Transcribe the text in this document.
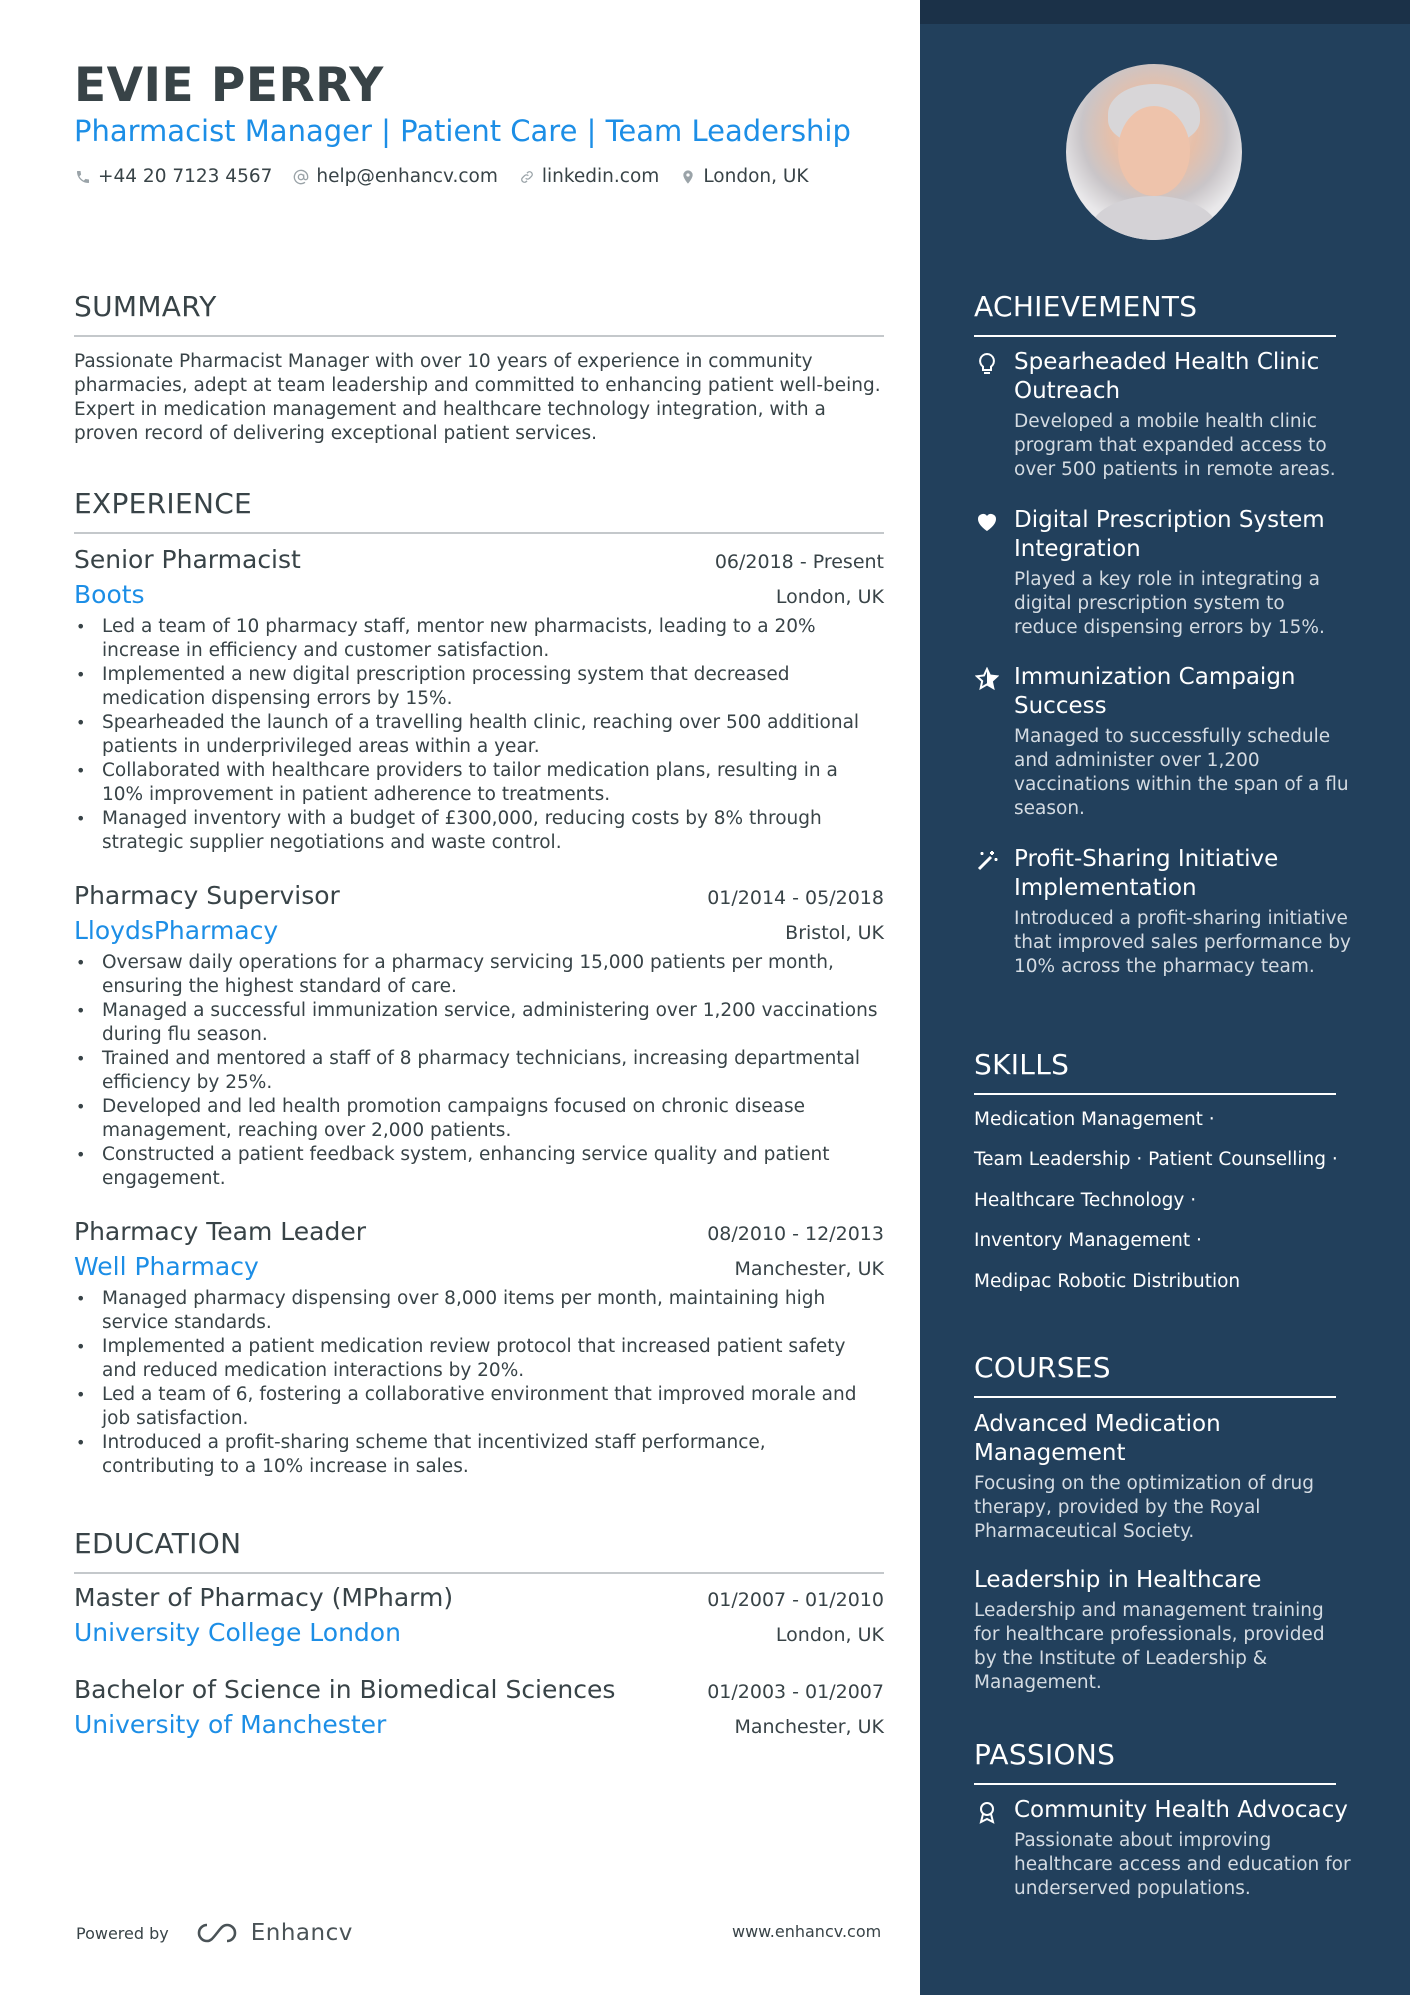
EVIE PERRY
Pharmacist Manager | Patient Care | Team Leadership
+44 20 7123 4567 help@enhancv.com linkedin.com London, UK
SUMMARY
Passionate Pharmacist Manager with over 10 years of experience in community pharmacies, adept at team leadership and committed to enhancing patient well-being. Expert in medication management and healthcare technology integration, with a proven record of delivering exceptional patient services.
EXPERIENCE
Senior Pharmacist	06/2018 - Present
Boots	London, UK
• Led a team of 10 pharmacy staff, mentor new pharmacists, leading to a 20% increase in efficiency and customer satisfaction.
• Implemented a new digital prescription processing system that decreased medication dispensing errors by 15%.
• Spearheaded the launch of a travelling health clinic, reaching over 500 additional patients in underprivileged areas within a year.
• Collaborated with healthcare providers to tailor medication plans, resulting in a 10% improvement in patient adherence to treatments.
• Managed inventory with a budget of £300,000, reducing costs by 8% through strategic supplier negotiations and waste control.
Pharmacy Supervisor	01/2014 - 05/2018
LloydsPharmacy	Bristol, UK
• Oversaw daily operations for a pharmacy servicing 15,000 patients per month, ensuring the highest standard of care.
• Managed a successful immunization service, administering over 1,200 vaccinations during flu season.
• Trained and mentored a staff of 8 pharmacy technicians, increasing departmental efficiency by 25%.
• Developed and led health promotion campaigns focused on chronic disease management, reaching over 2,000 patients.
• Constructed a patient feedback system, enhancing service quality and patient engagement.
Pharmacy Team Leader	08/2010 - 12/2013
Well Pharmacy	Manchester, UK
• Managed pharmacy dispensing over 8,000 items per month, maintaining high service standards.
• Implemented a patient medication review protocol that increased patient safety and reduced medication interactions by 20%.
• Led a team of 6, fostering a collaborative environment that improved morale and job satisfaction.
• Introduced a profit-sharing scheme that incentivized staff performance, contributing to a 10% increase in sales.
EDUCATION
Master of Pharmacy (MPharm)	01/2007 - 01/2010
University College London	London, UK
Bachelor of Science in Biomedical Sciences	01/2003 - 01/2007
University of Manchester	Manchester, UK
Powered by	Enhancv	www.enhancv.com
ACHIEVEMENTS
Spearheaded Health Clinic Outreach
Developed a mobile health clinic program that expanded access to over 500 patients in remote areas.
Digital Prescription System Integration
Played a key role in integrating a digital prescription system to reduce dispensing errors by 15%.
Immunization Campaign Success
Managed to successfully schedule and administer over 1,200 vaccinations within the span of a flu season.
Profit-Sharing Initiative Implementation
Introduced a profit-sharing initiative that improved sales performance by 10% across the pharmacy team.
SKILLS
Medication Management ·
Team Leadership · Patient Counselling ·
Healthcare Technology ·
Inventory Management ·
Medipac Robotic Distribution
COURSES
Advanced Medication Management
Focusing on the optimization of drug therapy, provided by the Royal Pharmaceutical Society.
Leadership in Healthcare
Leadership and management training for healthcare professionals, provided by the Institute of Leadership & Management.
PASSIONS
Community Health Advocacy
Passionate about improving healthcare access and education for underserved populations.
